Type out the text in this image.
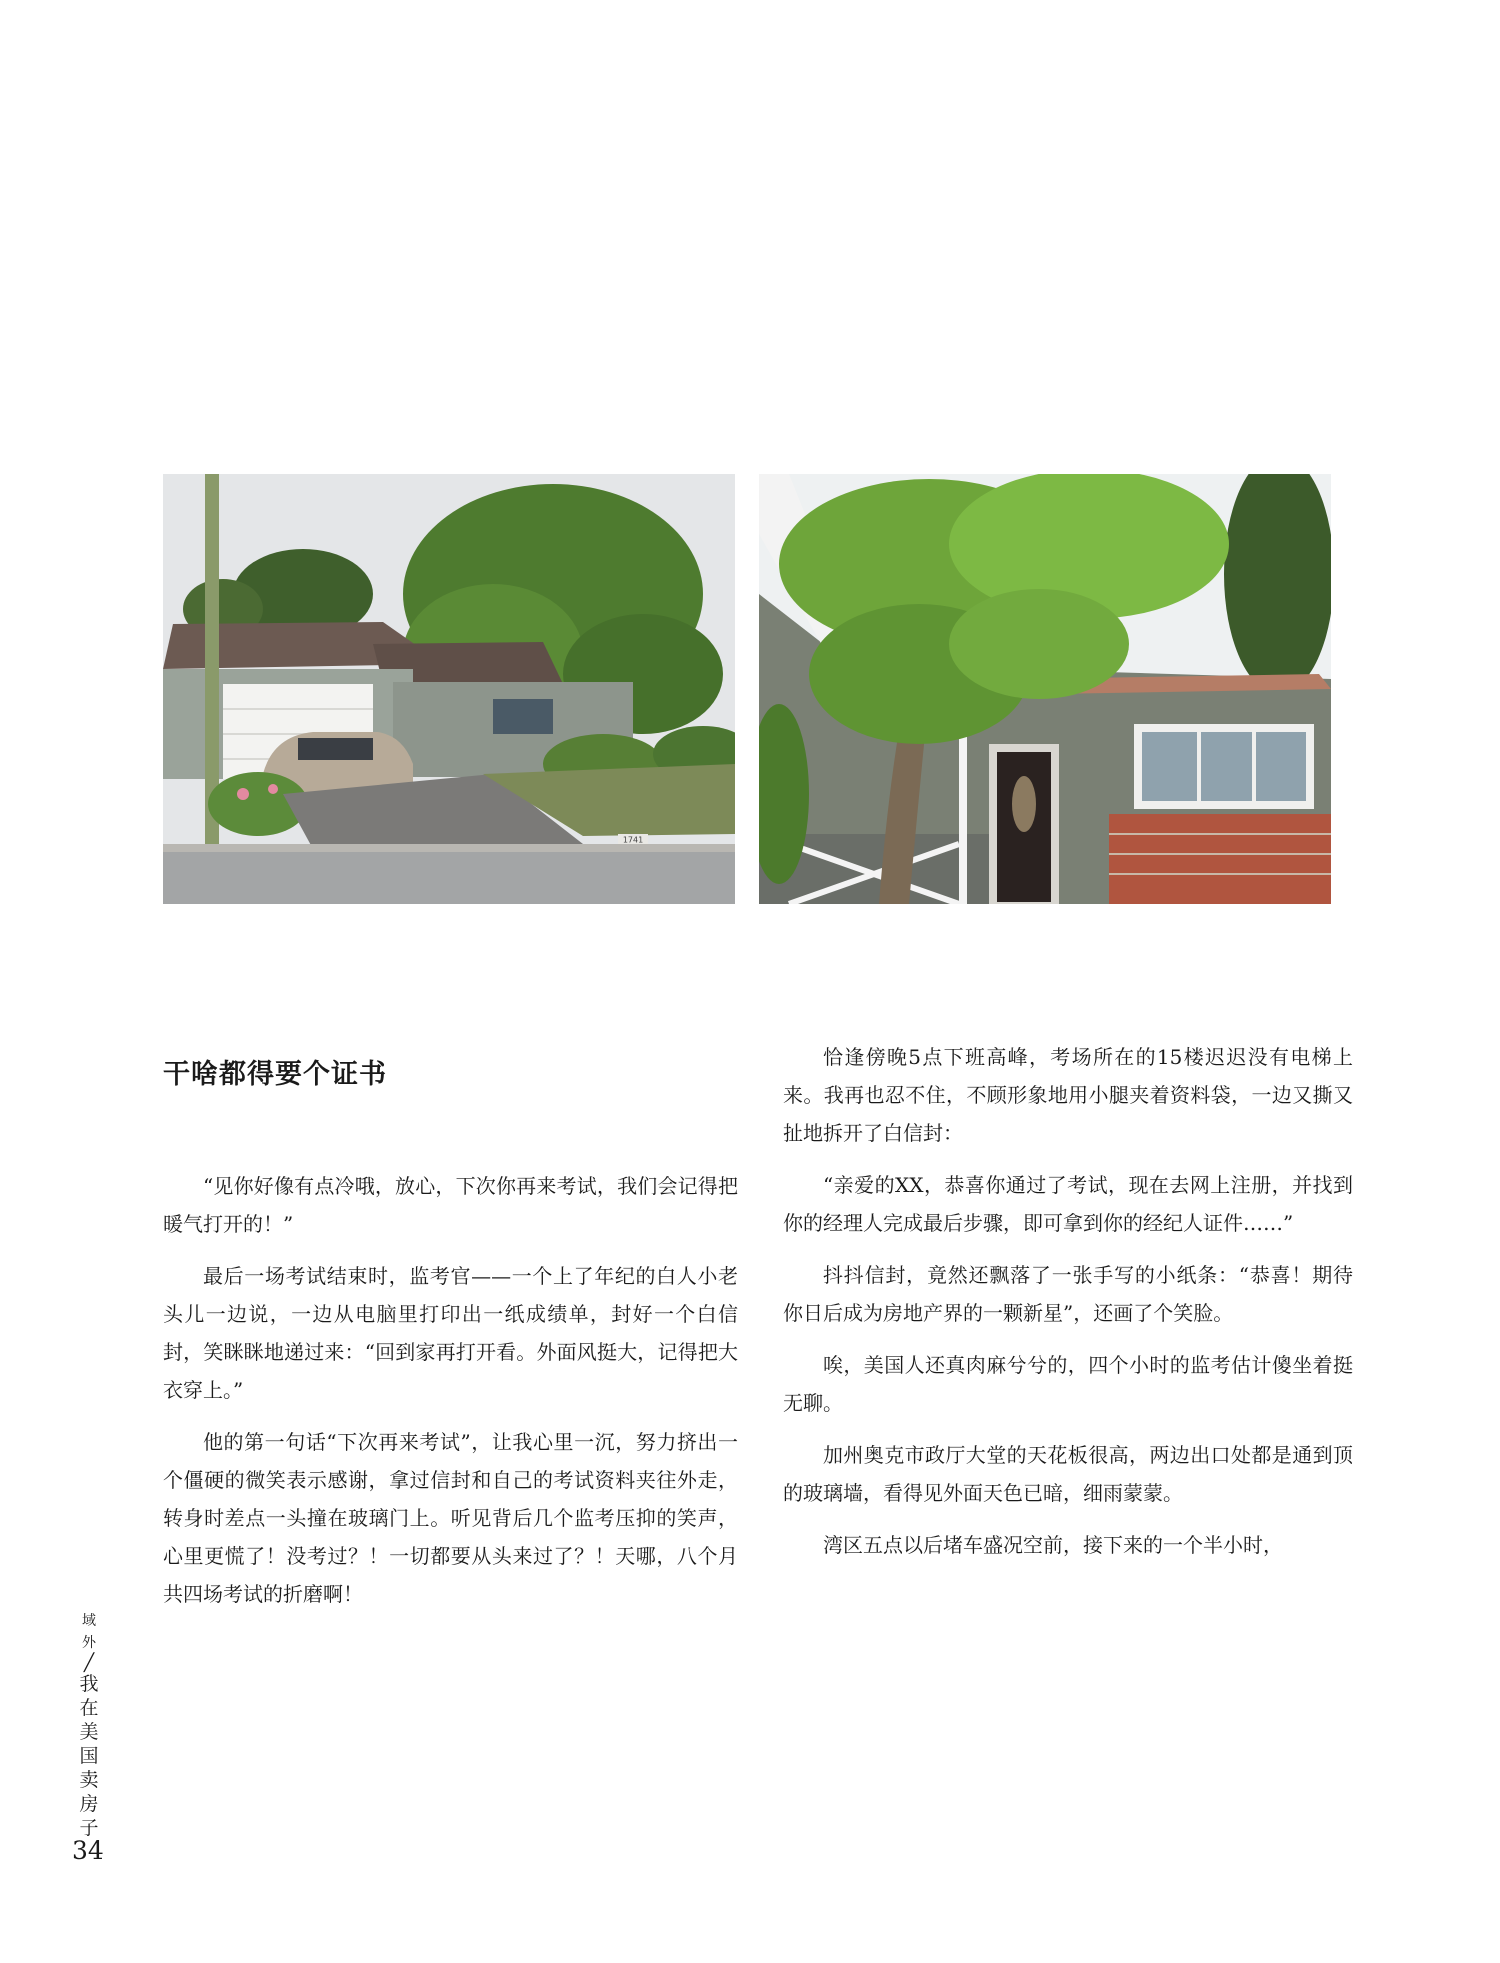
1741
干啥都得要个证书

“见你好像有点冷哦，放心，下次你再来考试，我们会记得把暖气打开的！”

最后一场考试结束时，监考官——一个上了年纪的白人小老头儿一边说，一边从电脑里打印出一纸成绩单，封好一个白信封，笑眯眯地递过来：“回到家再打开看。外面风挺大，记得把大衣穿上。”

他的第一句话“下次再来考试”，让我心里一沉，努力挤出一个僵硬的微笑表示感谢，拿过信封和自己的考试资料夹往外走，转身时差点一头撞在玻璃门上。听见背后几个监考压抑的笑声，心里更慌了！没考过？！一切都要从头来过了？！天哪，八个月共四场考试的折磨啊！

恰逢傍晚5点下班高峰，考场所在的15楼迟迟没有电梯上来。我再也忍不住，不顾形象地用小腿夹着资料袋，一边又撕又扯地拆开了白信封：

“亲爱的XX，恭喜你通过了考试，现在去网上注册，并找到你的经理人完成最后步骤，即可拿到你的经纪人证件……”

抖抖信封，竟然还飘落了一张手写的小纸条：“恭喜！期待你日后成为房地产界的一颗新星”，还画了个笑脸。

唉，美国人还真肉麻兮兮的，四个小时的监考估计傻坐着挺无聊。

加州奥克市政厅大堂的天花板很高，两边出口处都是通到顶的玻璃墙，看得见外面天色已暗，细雨蒙蒙。

湾区五点以后堵车盛况空前，接下来的一个半小时，

域
外
╱
我
在
美
国
卖
房
子
34
